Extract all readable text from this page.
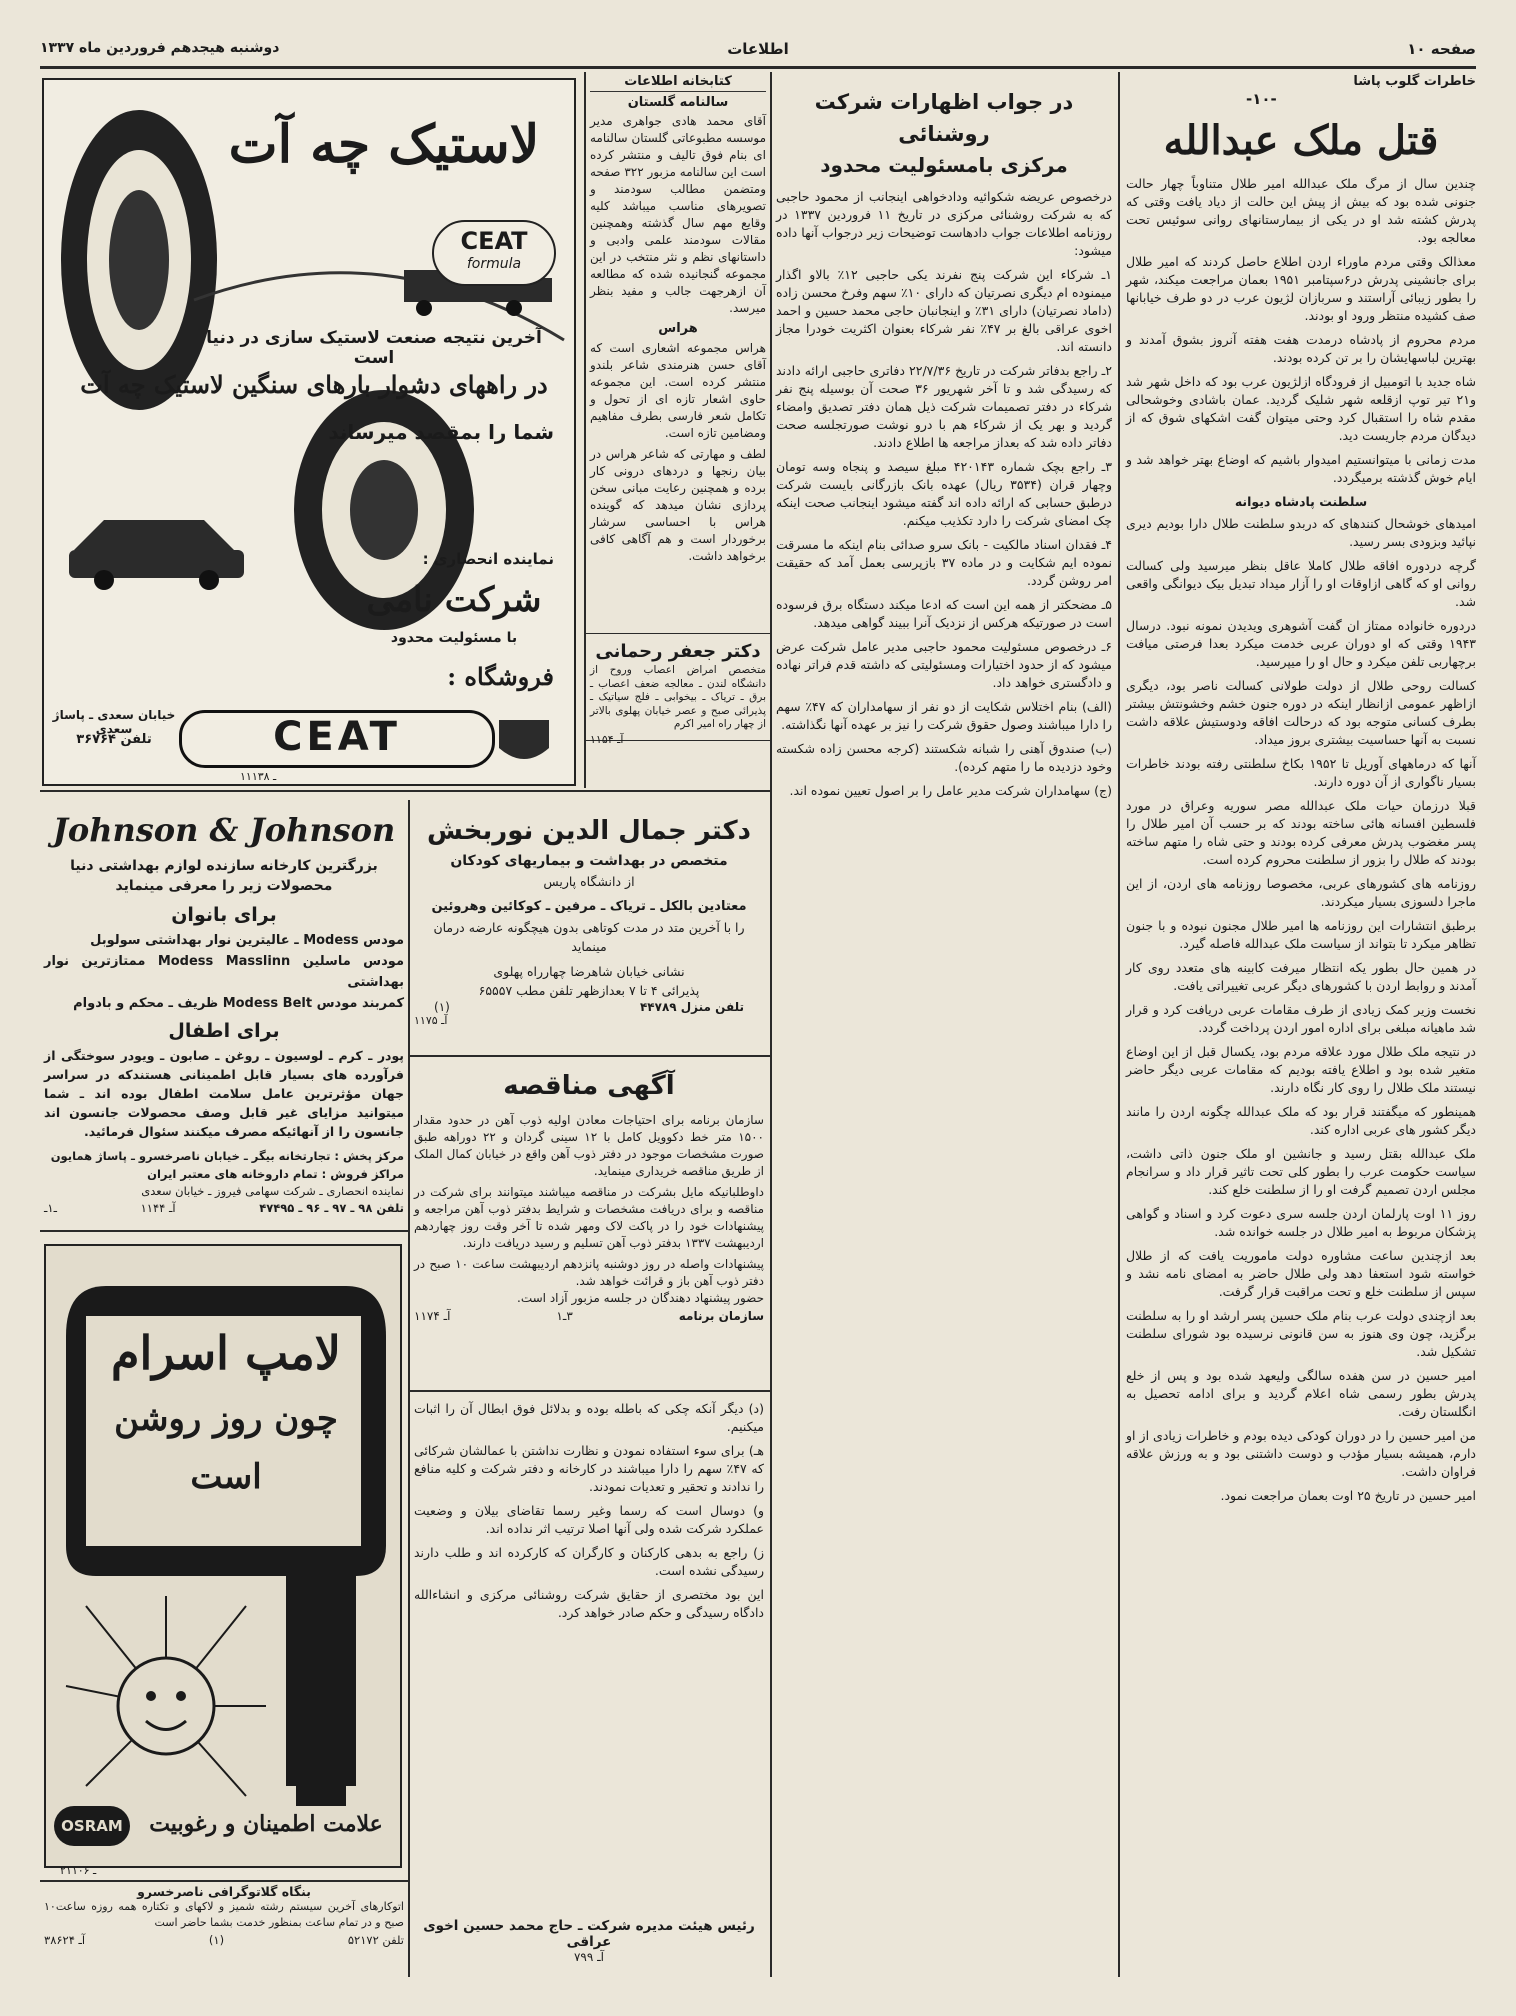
صفحه ۱۰
اطلاعات
دوشنبه هیجدهم فروردین ماه ۱۳۳۷
خاطرات گلوب پاشا
-۱۰-
قتل ملک عبدالله

چندین سال از مرگ ملک عبدالله امیر طلال متناوباً چهار حالت جنونی شده بود که بیش از پیش این حالت از دیاد یافت وقتی که پدرش کشته شد او در یکی از بیمارستانهای روانی سوئیس تحت معالجه بود.

معذالک وقتی مردم ماوراء اردن اطلاع حاصل کردند که امیر طلال برای جانشینی پدرش در۶سپتامبر ۱۹۵۱ بعمان مراجعت میکند، شهر را بطور زیبائی آراستند و سربازان لژیون عرب در دو طرف خیابانها صف کشیده منتظر ورود او بودند.

مردم محروم از پادشاه درمدت هفت هفته آنروز بشوق آمدند و بهترین لباسهایشان را بر تن کرده بودند.

شاه جدید با اتومبیل از فرودگاه ازلژیون عرب بود که داخل شهر شد و۲۱ تیر توپ ازقلعه شهر شلیک گردید. عمان باشادی وخوشحالی مقدم شاه را استقبال کرد وحتی میتوان گفت اشکهای شوق که از دیدگان مردم جاریست دید.

مدت زمانی با میتوانستیم امیدوار باشیم که اوضاع بهتر خواهد شد و ایام خوش گذشته برمیگردد.

سلطنت پادشاه دیوانه

امیدهای خوشحال کنندهای که دربدو سلطنت طلال دارا بودیم دیری نپائید وبزودی بسر رسید.

گرچه دردوره افاقه طلال کاملا عاقل بنظر میرسید ولی کسالت روانی او که گاهی ازاوقات او را آزار میداد تبدیل بیک دیوانگی واقعی شد.

دردوره خانواده ممتاز ان گفت آشوهری ویدیدن نمونه نبود. درسال ۱۹۴۳ وقتی که او دوران عربی خدمت میکرد بعدا فرصتی میافت برچهاربی تلفن میکرد و حال او را میپرسید.

کسالت روحی طلال از دولت طولانی کسالت ناصر بود، دیگری ازاظهر عمومی ازانظار اینکه در دوره جنون خشم وخشونتش بیشتر بطرف کسانی متوجه بود که درحالت افاقه ودوستیش علاقه داشت نسبت به آنها حساسیت بیشتری بروز میداد.

آنها که درماههای آوریل تا ۱۹۵۲ بکاخ سلطنتی رفته بودند خاطرات بسیار ناگواری از آن دوره دارند.

قبلا درزمان حیات ملک عبدالله مصر سوریه وعراق در مورد فلسطین افسانه هائی ساخته بودند که بر حسب آن امیر طلال را پسر مغضوب پدرش معرفی کرده بودند و حتی شاه را متهم ساخته بودند که طلال را بزور از سلطنت محروم کرده است.

روزنامه های کشورهای عربی، مخصوصا روزنامه های اردن، از این ماجرا دلسوزی بسیار میکردند.

برطبق انتشارات این روزنامه ها امیر طلال مجنون نبوده و با جنون تظاهر میکرد تا بتواند از سیاست ملک عبدالله فاصله گیرد.

در همین حال بطور یکه انتظار میرفت کابینه های متعدد روی کار آمدند و روابط اردن با کشورهای دیگر عربی تغییراتی یافت.

نخست وزیر کمک زیادی از طرف مقامات عربی دریافت کرد و قرار شد ماهیانه مبلغی برای اداره امور اردن پرداخت گردد.

در نتیجه ملک طلال مورد علاقه مردم بود، یکسال قبل از این اوضاع متغیر شده بود و اطلاع یافته بودیم که مقامات عربی دیگر حاضر نیستند ملک طلال را روی کار نگاه دارند.

همینطور که میگفتند قرار بود که ملک عبدالله چگونه اردن را مانند دیگر کشور های عربی اداره کند.

ملک عبدالله بقتل رسید و جانشین او ملک جنون ذاتی داشت، سیاست حکومت عرب را بطور کلی تحت تاثیر قرار داد و سرانجام مجلس اردن تصمیم گرفت او را از سلطنت خلع کند.

روز ۱۱ اوت پارلمان اردن جلسه سری دعوت کرد و اسناد و گواهی پزشکان مربوط به امیر طلال در جلسه خوانده شد.

بعد ازچندین ساعت مشاوره دولت ماموریت یافت که از طلال خواسته شود استعفا دهد ولی طلال حاضر به امضای نامه نشد و سپس از سلطنت خلع و تحت مراقبت قرار گرفت.

بعد ازچندی دولت عرب بنام ملک حسین پسر ارشد او را به سلطنت برگزید، چون وی هنوز به سن قانونی نرسیده بود شورای سلطنت تشکیل شد.

امیر حسین در سن هفده سالگی ولیعهد شده بود و پس از خلع پدرش بطور رسمی شاه اعلام گردید و برای ادامه تحصیل به انگلستان رفت.

من امیر حسین را در دوران کودکی دیده بودم و خاطرات زیادی از او دارم، همیشه بسیار مؤدب و دوست داشتنی بود و به ورزش علاقه فراوان داشت.

امیر حسین در تاریخ ۲۵ اوت بعمان مراجعت نمود.

در جواب اظهارات شرکت روشنائی
مرکزی بامسئولیت محدود

درخصوص عریضه شکوائیه ودادخواهی اینجانب از محمود حاجبی که به شرکت روشنائی مرکزی در تاریخ ۱۱ فروردین ۱۳۳۷ در روزنامه اطلاعات جواب دادهاست توضیحات زیر درجواب آنها داده میشود:

۱ـ شرکاء این شرکت پنج نفرند یکی حاجبی ۱۲٪ بالاو اگذار میمنوده ام دیگری نصرتیان که دارای ۱۰٪ سهم وفرخ محسن زاده (داماد نصرتیان) دارای ۳۱٪ و اینجانبان حاجی محمد حسین و احمد اخوی عراقی بالغ بر ۴۷٪ نفر شرکاء بعنوان اکثریت خودرا مجاز دانسته اند.

۲ـ راجع بدفاتر شرکت در تاریخ ۲۲/۷/۳۶ دفاتری حاجبی ارائه دادند که رسیدگی شد و تا آخر شهریور ۳۶ صحت آن بوسیله پنج نفر شرکاء در دفتر تصمیمات شرکت ذیل همان دفتر تصدیق وامضاء گردید و بهر یک از شرکاء هم با درو نوشت صورتجلسه صحت دفاتر داده شد که بعداز مراجعه ها اطلاع دادند.

۳ـ راجع بچک شماره ۴۲۰۱۴۳ مبلغ سیصد و پنجاه وسه تومان وچهار قران (۳۵۳۴ ریال) عهده بانک بازرگانی بایست شرکت درطبق حسابی که ارائه داده اند گفته میشود اینجانب صحت اینکه چک امضای شرکت را دارد تکذیب میکنم.

۴ـ فقدان اسناد مالکیت - بانک سرو صدائی بنام اینکه ما مسرقت نموده ایم شکایت و در ماده ۳۷ بازپرسی بعمل آمد که حقیقت امر روشن گردد.

۵ـ مضحکتر از همه این است که ادعا میکند دستگاه برق فرسوده است در صورتیکه هرکس از نزدیک آنرا ببیند گواهی میدهد.

۶ـ درخصوص مسئولیت محمود حاجبی مدیر عامل شرکت عرض میشود که از حدود اختیارات ومسئولیتی که داشته قدم فراتر نهاده و دادگستری خواهد داد.

(الف) بنام اختلاس شکایت از دو نفر از سهامداران که ۴۷٪ سهم را دارا میباشند وصول حقوق شرکت را نیز بر عهده آنها نگذاشته.

(ب) صندوق آهنی را شبانه شکستند (کرجه محسن زاده شکسته وخود دزدیده ما را متهم کرده).

(ج) سهامداران شرکت مدیر عامل را بر اصول تعیین نموده اند.

(د) دیگر آنکه چکی که باطله بوده و بدلائل فوق ابطال آن را اثبات میکنیم.

هـ) برای سوء استفاده نمودن و نظارت نداشتن با عمالشان شرکائی که ۴۷٪ سهم را دارا میباشند در کارخانه و دفتر شرکت و کلیه منافع را ندادند و تحقیر و تعدیات نمودند.

و) دوسال است که رسما وغیر رسما تقاضای بیلان و وضعیت عملکرد شرکت شده ولی آنها اصلا ترتیب اثر نداده اند.

ز) راجع به بدهی کارکنان و کارگران که کارکرده اند و طلب دارند رسیدگی نشده است.

این بود مختصری از حقایق شرکت روشنائی مرکزی و انشاءالله دادگاه رسیدگی و حکم صادر خواهد کرد.

رئیس هیئت مدیره شرکت ـ حاج محمد حسین اخوی عراقی
آـ ۷۹۹
کتابخانه اطلاعات
سالنامه گلستان
آقای محمد هادی جواهری مدیر موسسه مطبوعاتی گلستان سالنامه ای بنام فوق تالیف و منتشر کرده است این سالنامه مزبور ۳۲۲ صفحه ومتضمن مطالب سودمند و تصویرهای مناسب میباشد کلیه وقایع مهم سال گذشته وهمچنین مقالات سودمند علمی وادبی و داستانهای نظم و نثر منتخب در این مجموعه گنجانیده شده که مطالعه آن ازهرجهت جالب و مفید بنظر میرسد.
هراس
هراس مجموعه اشعاری است که آقای حسن هنرمندی شاعر بلندو منتشر کرده است. این مجموعه حاوی اشعار تازه ای از تحول و تکامل شعر فارسی بطرف مفاهیم ومضامین تازه است.
لطف و مهارتی که شاعر هراس در بیان رنجها و دردهای درونی کار برده و همچنین رعایت مبانی سخن پردازی نشان میدهد که گوینده هراس با احساسی سرشار برخوردار است و هم آگاهی کافی برخواهد داشت.
دکتر جعفر رحمانی
متخصص امراض اعصاب وروح از دانشگاه لندن ـ معالجه ضعف اعصاب ـ برق ـ تریاک ـ بیخوابی ـ فلج سیاتیک ـ پذیرائی صبح و عصر خیابان پهلوی بالاتر از چهار راه امیر اکرم
آـ ۱۱۵۴
لاستیک چه آت
CEAT
formula
آخرین نتیجه صنعت لاستیک سازی در دنیا است
در راههای دشوار بارهای سنگین لاستیک چه آت
شما را بمقصد میرساند
نماینده انحصاری :
شرکت نامی
با مسئولیت محدود
فروشگاه :
CEAT
خیابان سعدی ـ پاساژ سعدی
تلفن ۳۶۷۶۴
۱ـ ۱۱۳۸
Johnson & Johnson
بزرگترین کارخانه سازنده لوازم بهداشتی دنیا محصولات زیر را معرفی مینماید
برای بانوان
مودس Modess ـ عالیترین نوار بهداشتی سولوبل
مودس ماسلین Modess Masslinn ممتازترین نوار بهداشتی
کمربند مودس Modess Belt ظریف ـ محکم و بادوام
برای اطفال
پودر ـ کرم ـ لوسیون ـ روغن ـ صابون ـ ویودر سوختگی از فرآورده های بسیار قابل اطمینانی هستندکه در سراسر جهان مؤثرترین عامل سلامت اطفال بوده اند ـ شما میتوانید مزایای غیر قابل وصف محصولات جانسون اند جانسون را از آنهائیکه مصرف میکنند سئوال فرمائید.
مرکز پخش : تجارتخانه بیگر ـ خیابان ناصرخسرو ـ پاساژ همایون
مراکز فروش : تمام داروخانه های معتبر ایران
نماینده انحصاری ـ شرکت سهامی فیروز ـ خیابان سعدی
تلفن ۹۸ ـ ۹۷ ـ ۹۶ ـ ۴۷۴۹۵
آـ ۱۱۴۴
ـ۱ـ
لامپ اسرام
چون روز روشن
است
OSRAM	علامت اطمینان و رغوبیت
۲ـ ۱۱۰۶
بنگاه گلاتوگرافی ناصرخسرو
اتوکارهای آخرین سیستم رشته شمیز و لاکهای و تکتاره همه روزه ساعت۱۰ صبح و در تمام ساعت بمنظور خدمت بشما حاضر است
تلفن ۵۲۱۷۲
(۱)
آـ ۳۸۶۲۴
دکتر جمال الدین نوربخش
متخصص در بهداشت و بیماریهای کودکان
از دانشگاه پاریس
معتادین بالکل ـ تریاک ـ مرفین ـ کوکائین وهروئین
را با آخرین متد در مدت کوتاهی بدون هیچگونه عارضه درمان مینماید
نشانی خیابان شاهرضا چهارراه پهلوی
پذیرائی ۴ تا ۷ بعدازظهر تلفن مطب ۶۵۵۵۷
تلفن منزل ۴۴۷۸۹
(۱)
آـ ۱۱۷۵
آگهی مناقصه
سازمان برنامه برای احتیاجات معادن اولیه ذوب آهن در حدود مقدار ۱۵۰۰ متر خط دکوویل کامل با ۱۲ سینی گردان و ۲۲ دوراهه طبق صورت مشخصات موجود در دفتر ذوب آهن واقع در خیابان کمال الملک از طریق مناقصه خریداری مینماید.
داوطلبانیکه مایل بشرکت در مناقصه میباشند میتوانند برای شرکت در مناقصه و برای دریافت مشخصات و شرایط بدفتر ذوب آهن مراجعه و پیشنهادات خود را در پاکت لاک ومهر شده تا آخر وقت روز چهاردهم اردیبهشت ۱۳۳۷ بدفتر ذوب آهن تسلیم و رسید دریافت دارند.
پیشنهادات واصله در روز دوشنبه پانزدهم اردیبهشت ساعت ۱۰ صبح در دفتر ذوب آهن باز و قرائت خواهد شد.
حضور پیشنهاد دهندگان در جلسه مزبور آزاد است.
سازمان برنامه
۳ـ۱
آـ ۱۱۷۴
